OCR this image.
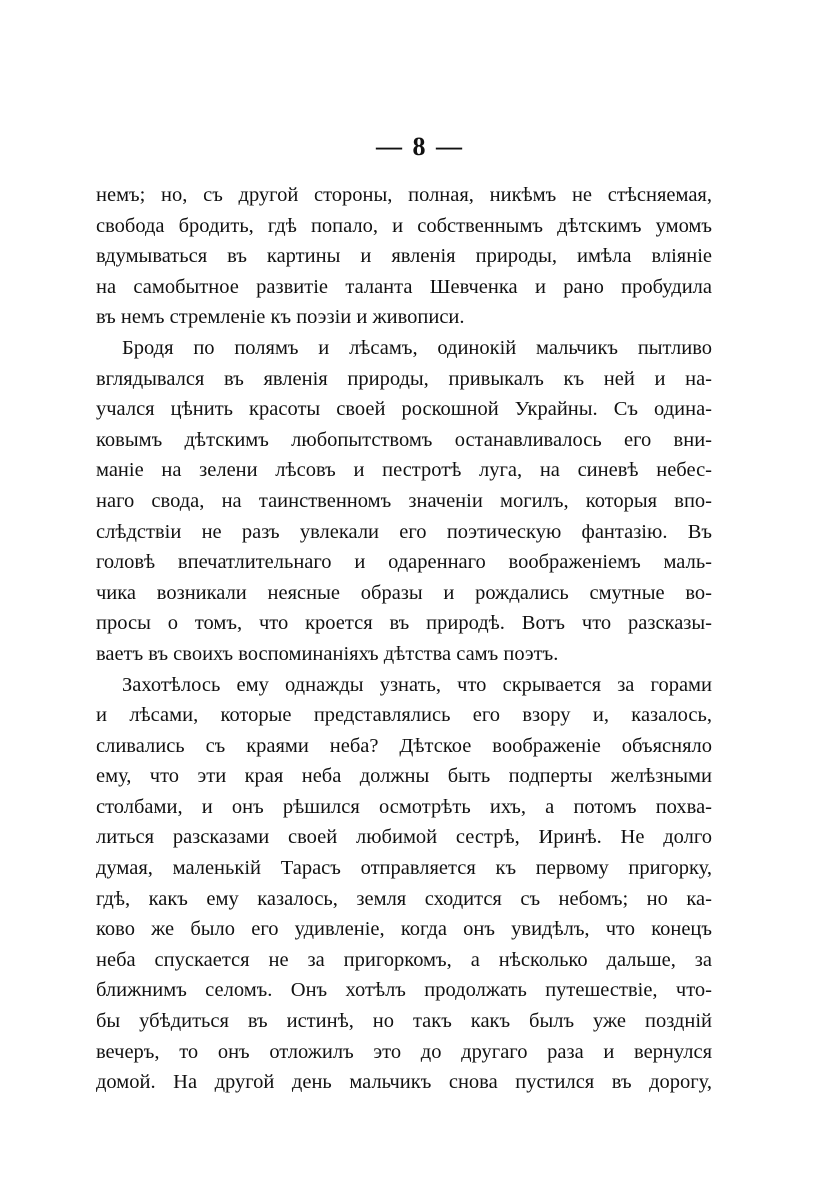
— 8 —
немъ; но, съ другой стороны, полная, никѣмъ не стѣсняемая,
свобода бродить, гдѣ попало, и собственнымъ дѣтскимъ умомъ
вдумываться въ картины и явленія природы, имѣла вліяніе
на самобытное развитіе таланта Шевченка и рано пробудила
въ немъ стремленіе къ поэзіи и живописи.
Бродя по полямъ и лѣсамъ, одинокій мальчикъ пытливо
вглядывался въ явленія природы, привыкалъ къ ней и на-
учался цѣнить красоты своей роскошной Украйны. Съ одина-
ковымъ дѣтскимъ любопытствомъ останавливалось его вни-
маніе на зелени лѣсовъ и пестротѣ луга, на синевѣ небес-
наго свода, на таинственномъ значеніи могилъ, которыя впо-
слѣдствіи не разъ увлекали его поэтическую фантазію. Въ
головѣ впечатлительнаго и одареннаго воображеніемъ маль-
чика возникали неясные образы и рождались смутные во-
просы о томъ, что кроется въ природѣ. Вотъ что разсказы-
ваетъ въ своихъ воспоминаніяхъ дѣтства самъ поэтъ.
Захотѣлось ему однажды узнать, что скрывается за горами
и лѣсами, которые представлялись его взору и, казалось,
сливались съ краями неба? Дѣтское воображеніе объясняло
ему, что эти края неба должны быть подперты желѣзными
столбами, и онъ рѣшился осмотрѣть ихъ, а потомъ похва-
литься разсказами своей любимой сестрѣ, Иринѣ. Не долго
думая, маленькій Тарасъ отправляется къ первому пригорку,
гдѣ, какъ ему казалось, земля сходится съ небомъ; но ка-
ково же было его удивленіе, когда онъ увидѣлъ, что конецъ
неба спускается не за пригоркомъ, а нѣсколько дальше, за
ближнимъ селомъ. Онъ хотѣлъ продолжать путешествіе, что-
бы убѣдиться въ истинѣ, но такъ какъ былъ уже поздній
вечеръ, то онъ отложилъ это до другаго раза и вернулся
домой. На другой день мальчикъ снова пустился въ дорогу,
